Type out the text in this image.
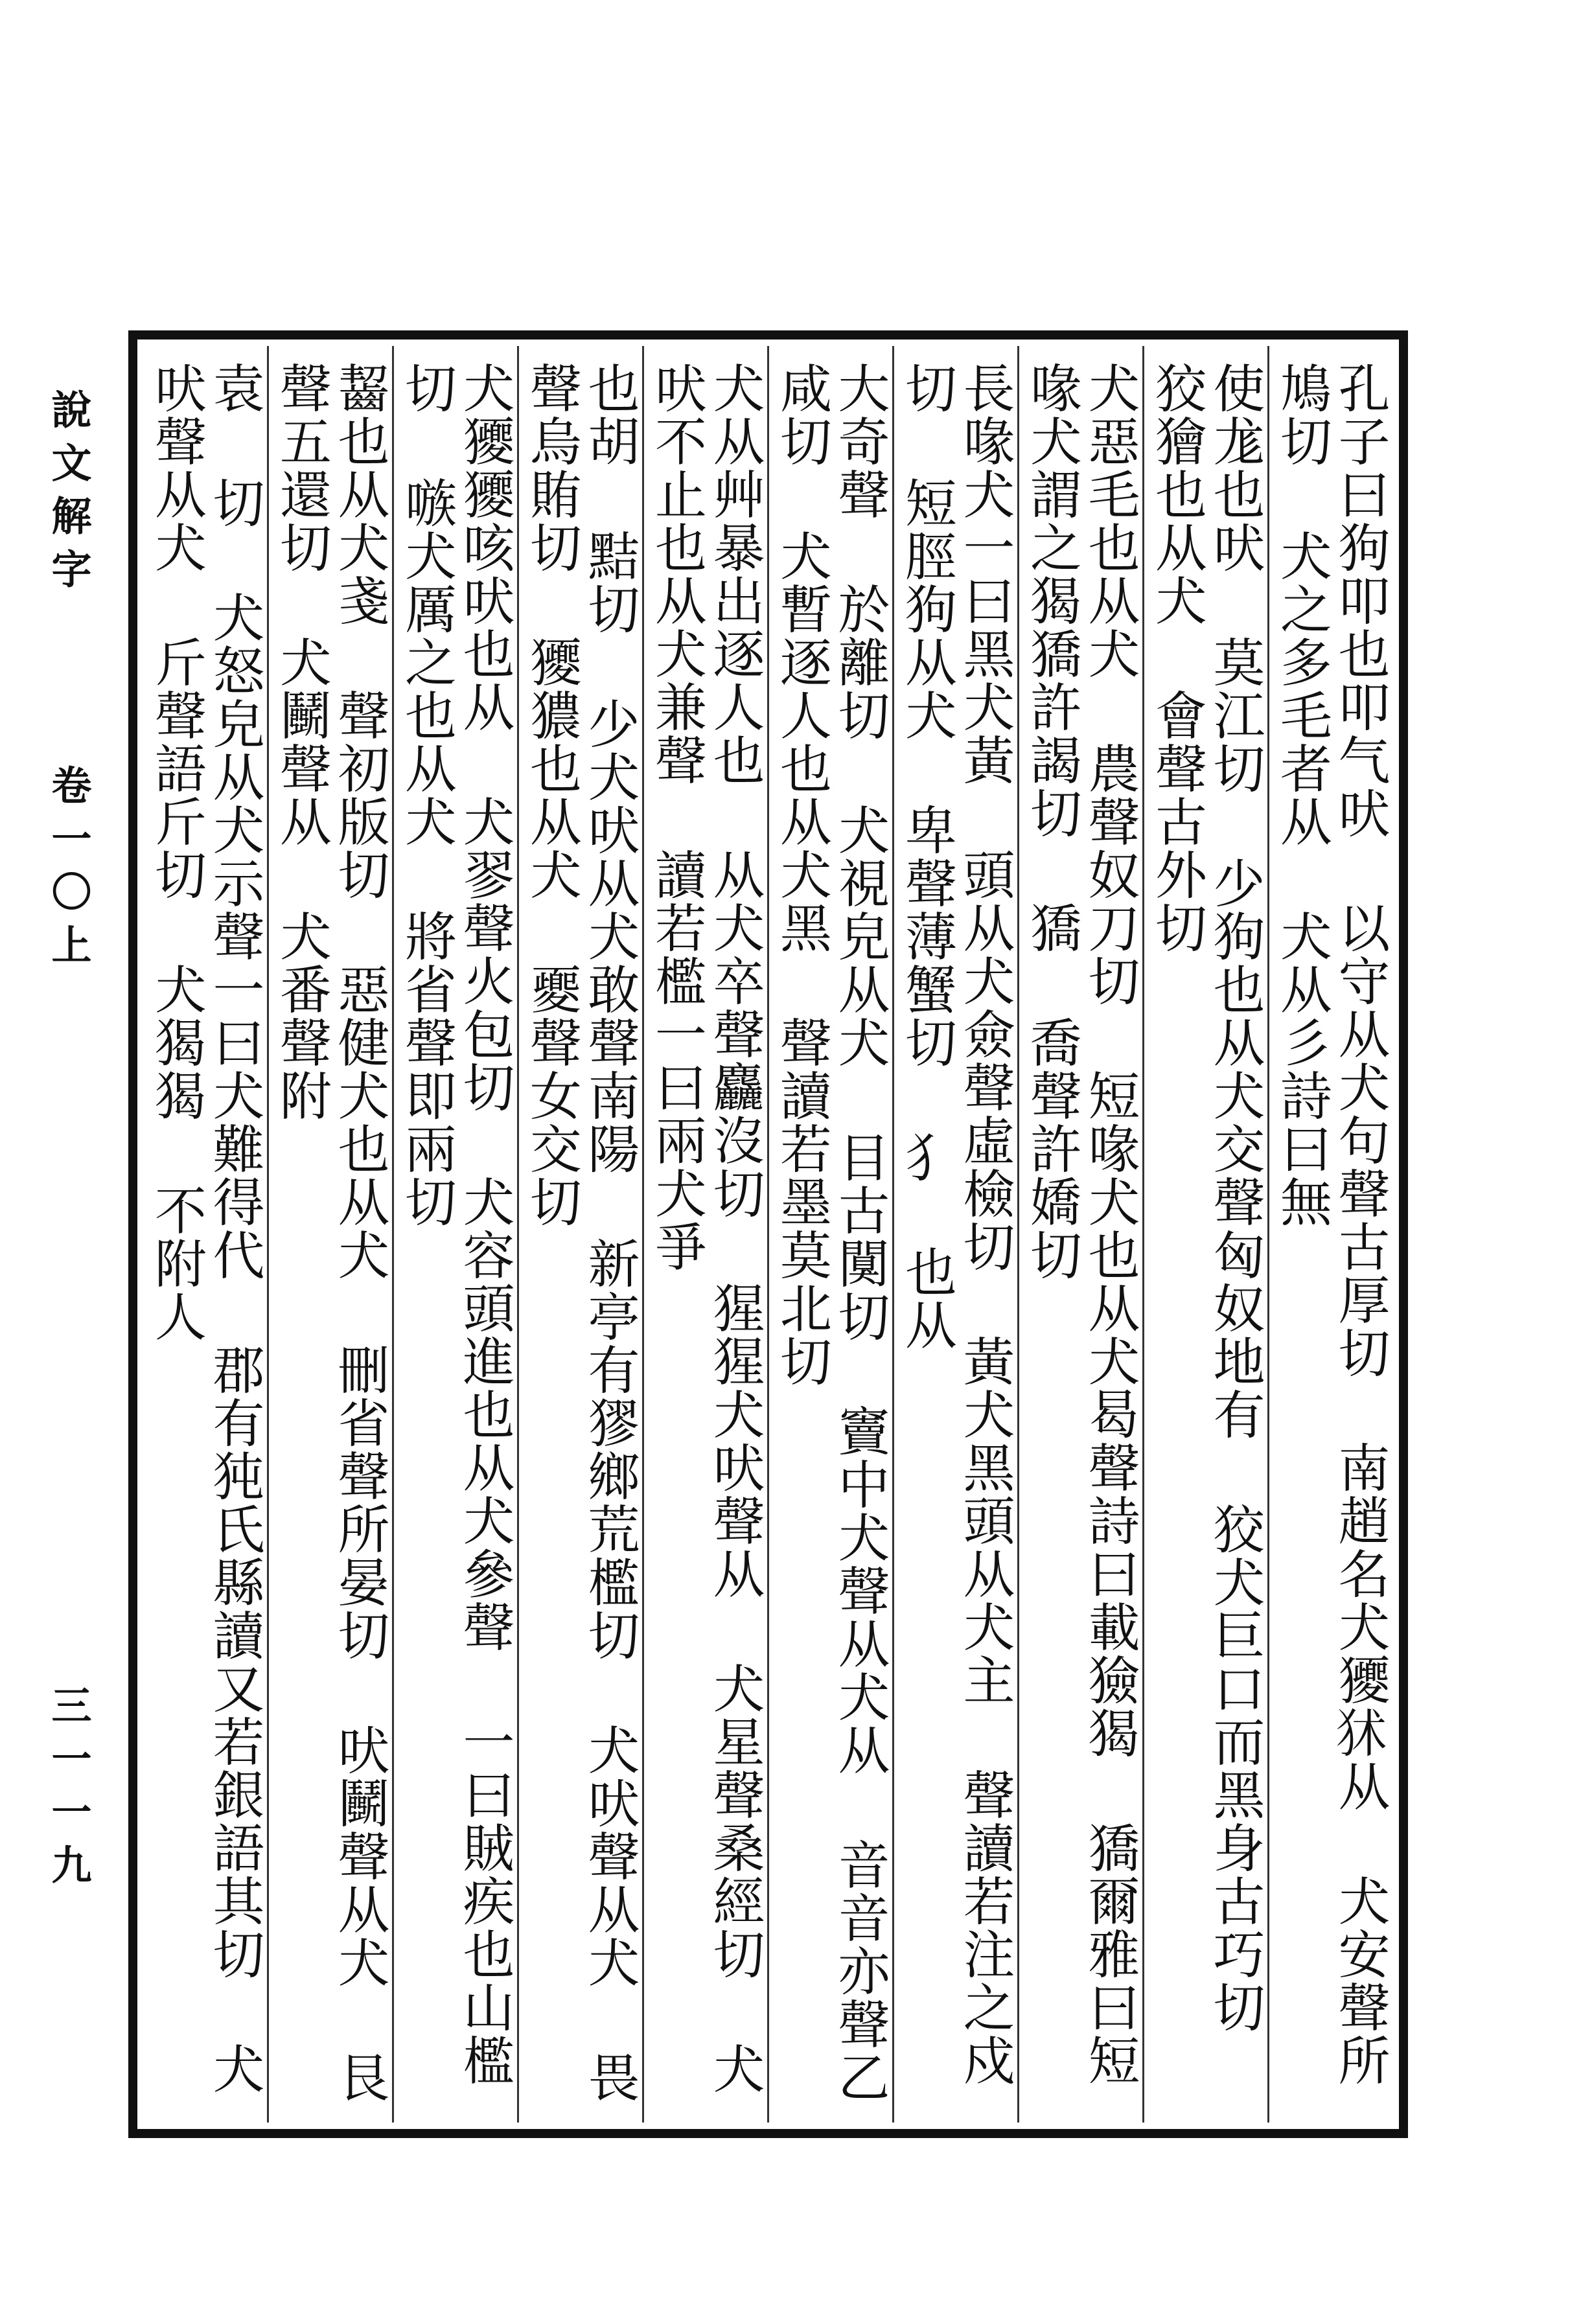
說文解字
卷一〇上
三一一九	孔子曰狗叩也叩气吠 以守从犬句聲古厚切 南趙名犬獿𤝞从 犬安聲所鳩切 犬之多毛者从 犬从彡詩曰無
使尨也吠 莫江切 少狗也从犬交聲匈奴地有 狡犬巨口而黑身古巧切 狡獪也从犬 會聲古外切
犬惡毛也从犬 農聲奴刀切 短喙犬也从犬曷聲詩曰載獫猲 獢爾雅曰短喙犬謂之猲獢許謁切 獢 喬聲許嬌切
長喙犬一曰黑犬黃 頭从犬僉聲虛檢切 黃犬黑頭从犬主 聲讀若注之戍切 短脛狗从犬 卑聲薄蟹切 犭 也从
大奇聲 於離切 犬視皃从犬 目古闃切 竇中犬聲从犬从 音音亦聲乙咸切 犬暫逐人也从犬黑 聲讀若墨莫北切
犬从艸暴出逐人也 从犬卒聲麤沒切 猩猩犬吠聲从 犬星聲桑經切 犬吠不止也从犬兼聲 讀若檻一曰兩犬爭
也胡 黠切 少犬吠从犬敢聲南陽 新亭有㺒鄉荒檻切 犬吠聲从犬 畏聲烏賄切 獿㺜也从犬 夒聲女交切
犬獿獿咳吠也从 犬翏聲火包切 犬容頭進也从犬參聲 一曰賊疾也山檻切 嗾犬厲之也从犬 將省聲即兩切
齧也从犬戔 聲初版切 惡健犬也从犬 刪省聲所晏切 吠鬭聲从犬 艮聲五還切 犬鬭聲从 犬番聲附
袁 切 犬怒皃从犬示聲一曰犬難得代 郡有㹠氏縣讀又若銀語其切 犬吠聲从犬 斤聲語斤切 犬猲猲 不附人
